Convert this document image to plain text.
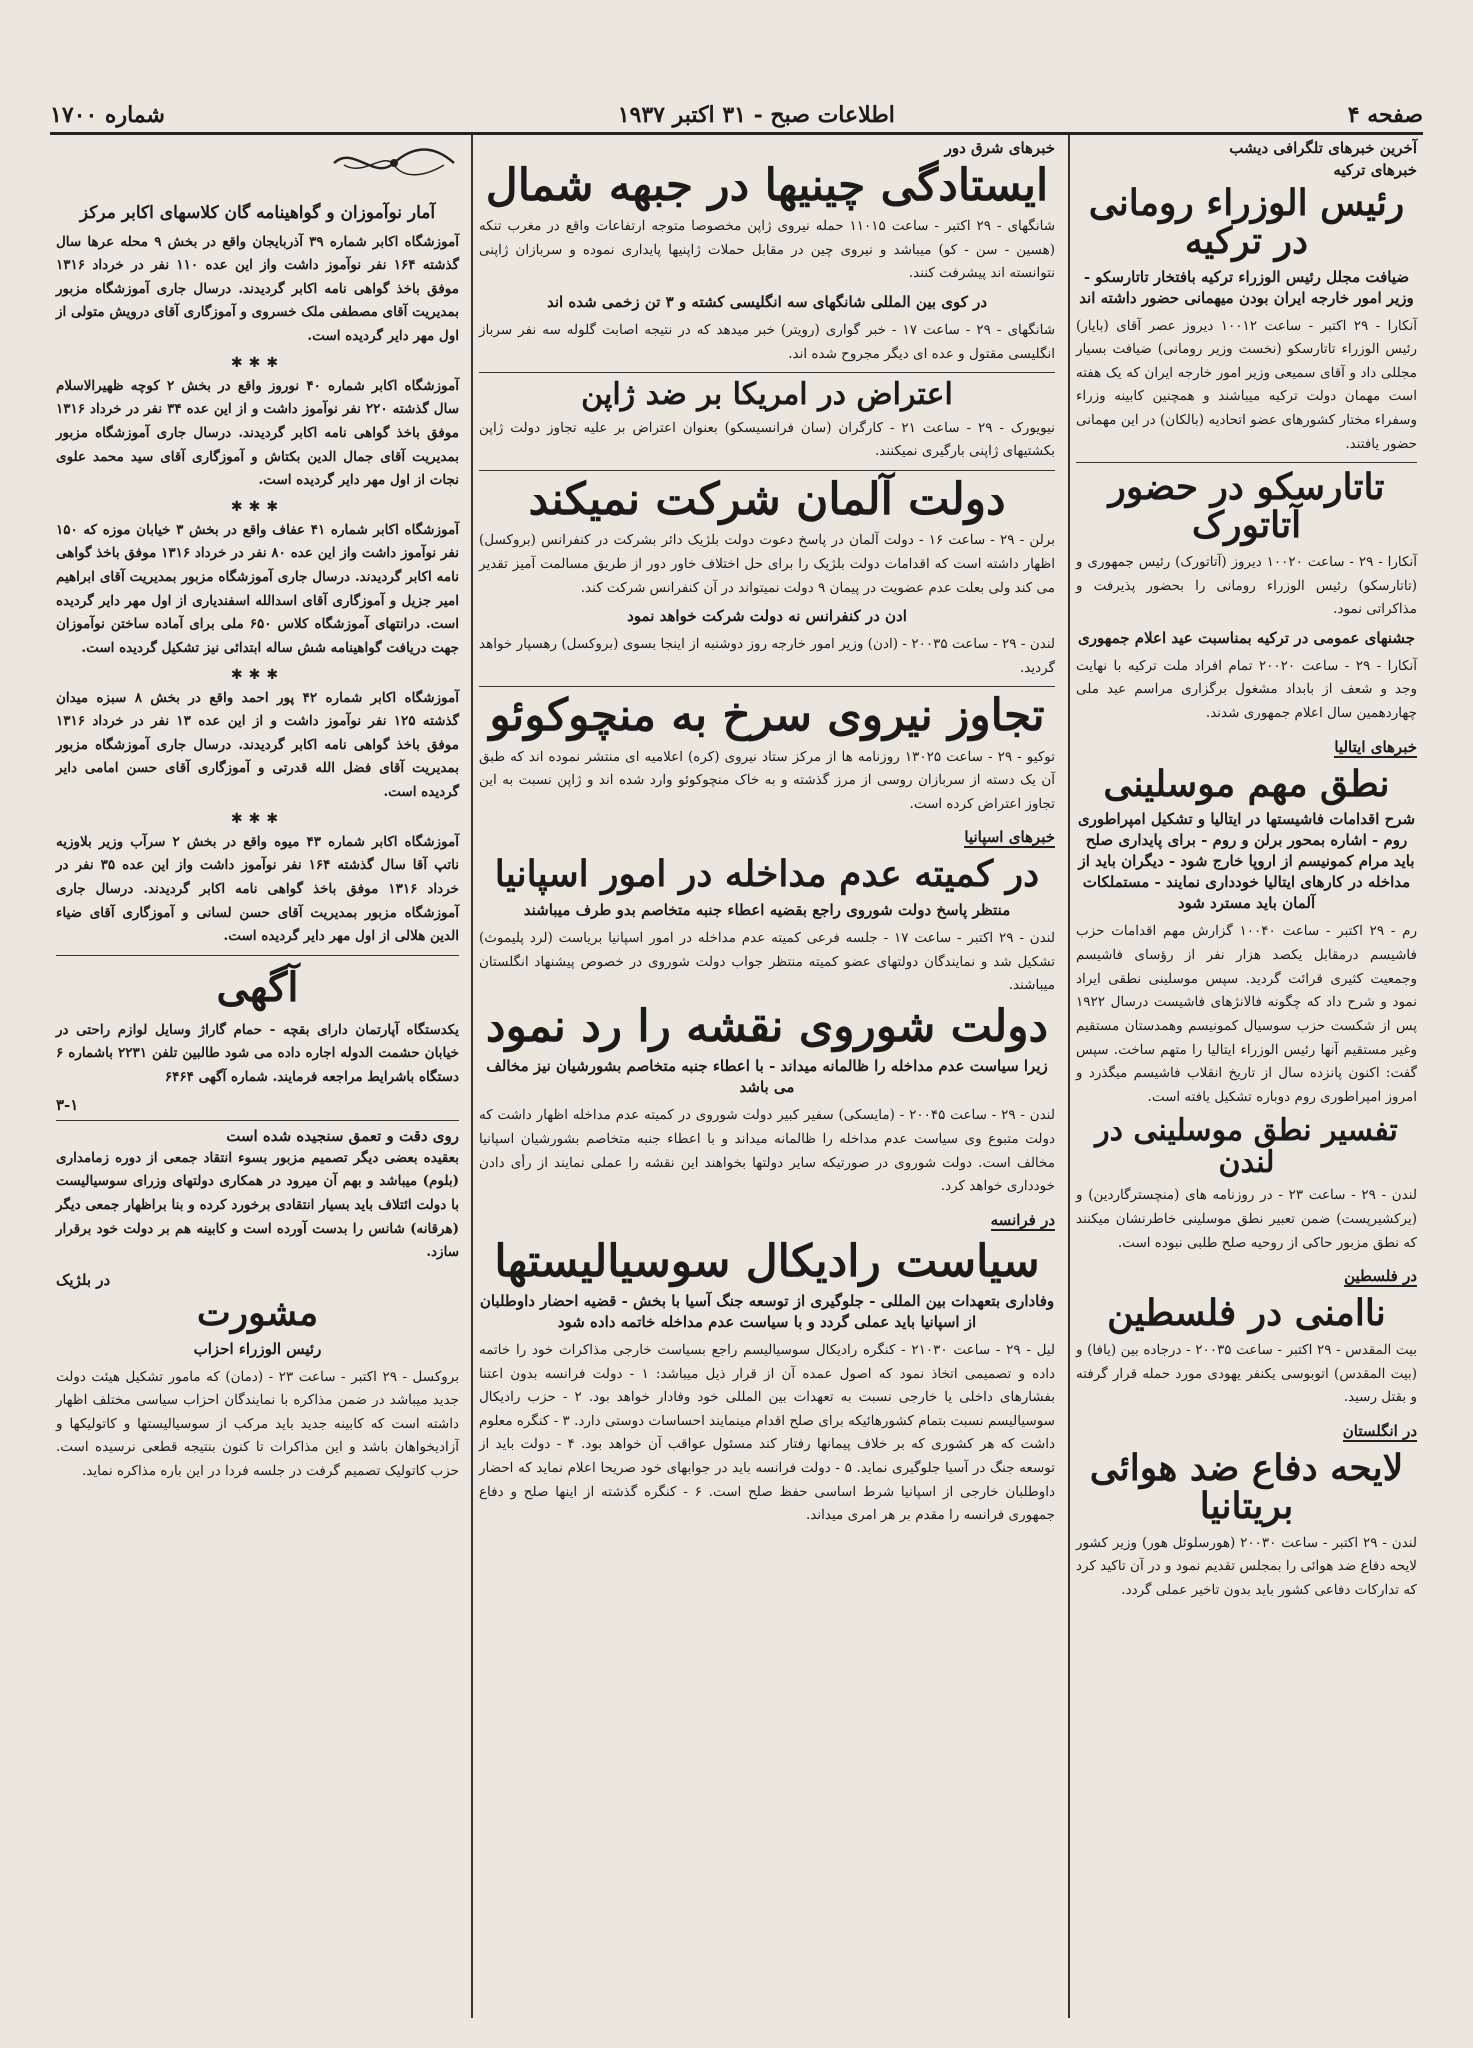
صفحه ۴
اطلاعات صبح - ۳۱ اکتبر ۱۹۳۷
شماره ۱۷۰۰
آخرین خبرهای تلگرافی دیشب
خبرهای ترکیه
رئیس الوزراء رومانی در ترکیه
ضیافت مجلل رئیس الوزراء ترکیه بافتخار تاتارسکو - وزیر امور خارجه ایران بودن میهمانی حضور داشته اند

آنکارا - ۲۹ اکتبر - ساعت ۱۰۰۱۲ دیروز عصر آقای (بایار) رئیس الوزراء تاتارسکو (نخست وزیر رومانی) ضیافت بسیار مجللی داد و آقای سمیعی وزیر امور خارجه ایران که یک هفته است مهمان دولت ترکیه میباشند و همچنین کابینه وزراء وسفراء مختار کشورهای عضو اتحادیه (بالکان) در این مهمانی حضور یافتند.

تاتارسکو در حضور آتاتورک

آنکارا - ۲۹ - ساعت ۱۰۰۲۰ دیروز (آتاتورک) رئیس جمهوری و (تاتارسکو) رئیس الوزراء رومانی را بحضور پذیرفت و مذاکراتی نمود.

جشنهای عمومی در ترکیه بمناسبت عید اعلام جمهوری

آنکارا - ۲۹ - ساعت ۲۰۰۲۰ تمام افراد ملت ترکیه با نهایت وجد و شعف از بابداد مشغول برگزاری مراسم عید ملی چهاردهمین سال اعلام جمهوری شدند.

خبرهای ایتالیا
نطق مهم موسلینی
شرح اقدامات فاشیستها در ایتالیا و تشکیل امپراطوری روم - اشاره بمحور برلن و روم - برای پایداری صلح باید مرام کمونیسم از اروپا خارج شود - دیگران باید از مداخله در کارهای ایتالیا خودداری نمایند - مستملکات آلمان باید مسترد شود

رم - ۲۹ اکتبر - ساعت ۱۰۰۴۰ گزارش مهم اقدامات حزب فاشیسم درمقابل یکصد هزار نفر از رؤسای فاشیسم وجمعیت کثیری قرائت گردید. سپس موسلینی نطقی ایراد نمود و شرح داد که چگونه فالانژهای فاشیست درسال ۱۹۲۲ پس از شکست حزب سوسیال کمونیسم وهمدستان مستقیم وغیر مستقیم آنها رئیس الوزراء ایتالیا را متهم ساخت. سپس گفت: اکنون پانزده سال از تاریخ انقلاب فاشیسم میگذرد و امروز امپراطوری روم دوباره تشکیل یافته است.

تفسیر نطق موسلینی در لندن

لندن - ۲۹ - ساعت ۲۳ - در روزنامه های (منچسترگاردین) و (یرکشیرپست) ضمن تعبیر نطق موسلینی خاطرنشان میکنند که نطق مزبور حاکی از روحیه صلح طلبی نبوده است.

در فلسطین
ناامنی در فلسطین

بیت المقدس - ۲۹ اکتبر - ساعت ۲۰۰۳۵ - درجاده بین (یافا) و (بیت المقدس) اتوبوسی یکنفر یهودی مورد حمله قرار گرفته و بقتل رسید.

در انگلستان
لایحه دفاع ضد هوائی بریتانیا

لندن - ۲۹ اکتبر - ساعت ۲۰۰۳۰ (هورسلوئل هور) وزیر کشور لایحه دفاع ضد هوائی را بمجلس تقدیم نمود و در آن تاکید کرد که تدارکات دفاعی کشور باید بدون تاخیر عملی گردد.

خبرهای شرق دور
ایستادگی چینیها در جبهه شمال

شانگهای - ۲۹ اکتبر - ساعت ۱۱۰۱۵ حمله نیروی ژاپن مخصوصا متوجه ارتفاعات واقع در مغرب تنکه (هسین - سن - کو) میباشد و نیروی چین در مقابل حملات ژاپنیها پایداری نموده و سربازان ژاپنی نتوانسته اند پیشرفت کنند.

در کوی بین المللی شانگهای سه انگلیسی کشته و ۳ تن زخمی شده اند

شانگهای - ۲۹ - ساعت ۱۷ - خبر گواری (رویتر) خبر میدهد که در نتیجه اصابت گلوله سه نفر سرباز انگلیسی مقتول و عده ای دیگر مجروح شده اند.

اعتراض در امریکا بر ضد ژاپن

نیویورک - ۲۹ - ساعت ۲۱ - کارگران (سان فرانسیسکو) بعنوان اعتراض بر علیه تجاوز دولت ژاپن بکشتیهای ژاپنی بارگیری نمیکنند.

دولت آلمان شرکت نمیکند

برلن - ۲۹ - ساعت ۱۶ - دولت آلمان در پاسخ دعوت دولت بلژیک دائر بشرکت در کنفرانس (بروکسل) اظهار داشته است که اقدامات دولت بلژیک را برای حل اختلاف خاور دور از طریق مسالمت آمیز تقدیر می کند ولی بعلت عدم عضویت در پیمان ۹ دولت نمیتواند در آن کنفرانس شرکت کند.

ادن در کنفرانس نه دولت شرکت خواهد نمود

لندن - ۲۹ - ساعت ۲۰۰۳۵ - (ادن) وزیر امور خارجه روز دوشنبه از اینجا بسوی (بروکسل) رهسپار خواهد گردید.

تجاوز نیروی سرخ به منچوکوئو

توکیو - ۲۹ - ساعت ۱۳۰۲۵ روزنامه ها از مرکز ستاد نیروی (کره) اعلامیه ای منتشر نموده اند که طبق آن یک دسته از سربازان روسی از مرز گذشته و به خاک منچوکوئو وارد شده اند و ژاپن نسبت به این تجاوز اعتراض کرده است.

خبرهای اسپانیا
در کمیته عدم مداخله در امور اسپانیا
منتظر پاسخ دولت شوروی راجع بقضیه اعطاء جنبه متخاصم بدو طرف میباشند

لندن - ۲۹ اکتبر - ساعت ۱۷ - جلسه فرعی کمیته عدم مداخله در امور اسپانیا بریاست (لرد پلیموث) تشکیل شد و نمایندگان دولتهای عضو کمیته منتظر جواب دولت شوروی در خصوص پیشنهاد انگلستان میباشند.

دولت شوروی نقشه را رد نمود
زیرا سیاست عدم مداخله را ظالمانه میداند - با اعطاء جنبه متخاصم بشورشیان نیز مخالف می باشد

لندن - ۲۹ - ساعت ۲۰۰۴۵ - (مایسکی) سفیر کبیر دولت شوروی در کمیته عدم مداخله اظهار داشت که دولت متبوع وی سیاست عدم مداخله را ظالمانه میداند و با اعطاء جنبه متخاصم بشورشیان اسپانیا مخالف است. دولت شوروی در صورتیکه سایر دولتها بخواهند این نقشه را عملی نمایند از رأی دادن خودداری خواهد کرد.

در فرانسه
سیاست رادیکال سوسیالیستها
وفاداری بتعهدات بین المللی - جلوگیری از توسعه جنگ آسیا با بخش - قضیه احضار داوطلبان از اسپانیا باید عملی گردد و با سیاست عدم مداخله خاتمه داده شود

لیل - ۲۹ - ساعت ۲۱۰۳۰ - کنگره رادیکال سوسیالیسم راجع بسیاست خارجی مذاکرات خود را خاتمه داده و تصمیمی اتخاذ نمود که اصول عمده آن از قرار ذیل میباشد: ۱ - دولت فرانسه بدون اعتنا بفشارهای داخلی یا خارجی نسبت به تعهدات بین المللی خود وفادار خواهد بود. ۲ - حزب رادیکال سوسیالیسم نسبت بتمام کشورهائیکه برای صلح اقدام مینمایند احساسات دوستی دارد. ۳ - کنگره معلوم داشت که هر کشوری که بر خلاف پیمانها رفتار کند مسئول عواقب آن خواهد بود. ۴ - دولت باید از توسعه جنگ در آسیا جلوگیری نماید. ۵ - دولت فرانسه باید در جوابهای خود صریحا اعلام نماید که احضار داوطلبان خارجی از اسپانیا شرط اساسی حفظ صلح است. ۶ - کنگره گذشته از اینها صلح و دفاع جمهوری فرانسه را مقدم بر هر امری میداند.

آمار نوآموزان و گواهینامه گان کلاسهای اکابر مرکز

آموزشگاه اکابر شماره ۳۹ آذربایجان واقع در بخش ۹ محله عرها سال گذشته ۱۶۴ نفر نوآموز داشت واز این عده ۱۱۰ نفر در خرداد ۱۳۱۶ موفق باخذ گواهی نامه اکابر گردیدند. درسال جاری آموزشگاه مزبور بمدیریت آقای مصطفی ملک خسروی و آموزگاری آقای درویش متولی از اول مهر دایر گردیده است.

✱✱✱

آموزشگاه اکابر شماره ۴۰ نوروز واقع در بخش ۲ کوچه ظهیرالاسلام سال گذشته ۲۲۰ نفر نوآموز داشت و از این عده ۳۴ نفر در خرداد ۱۳۱۶ موفق باخذ گواهی نامه اکابر گردیدند. درسال جاری آموزشگاه مزبور بمدیریت آقای جمال الدین بکتاش و آموزگاری آقای سید محمد علوی نجات از اول مهر دایر گردیده است.

✱✱✱

آموزشگاه اکابر شماره ۴۱ عفاف واقع در بخش ۳ خیابان موزه که ۱۵۰ نفر نوآموز داشت واز این عده ۸۰ نفر در خرداد ۱۳۱۶ موفق باخذ گواهی نامه اکابر گردیدند. درسال جاری آموزشگاه مزبور بمدیریت آقای ابراهیم امیر جزیل و آموزگاری آقای اسدالله اسفندیاری از اول مهر دایر گردیده است. درانتهای آموزشگاه کلاس ۶۵۰ ملی برای آماده ساختن نوآموزان جهت دریافت گواهینامه شش ساله ابتدائی نیز تشکیل گردیده است.

✱✱✱

آموزشگاه اکابر شماره ۴۲ پور احمد واقع در بخش ۸ سبزه میدان گذشته ۱۲۵ نفر نوآموز داشت و از این عده ۱۳ نفر در خرداد ۱۳۱۶ موفق باخذ گواهی نامه اکابر گردیدند. درسال جاری آموزشگاه مزبور بمدیریت آقای فضل الله قدرتی و آموزگاری آقای حسن امامی دایر گردیده است.

✱✱✱

آموزشگاه اکابر شماره ۴۳ میوه واقع در بخش ۲ سرآب وزیر بلاوزیه ناتپ آقا سال گذشته ۱۶۴ نفر نوآموز داشت واز این عده ۳۵ نفر در خرداد ۱۳۱۶ موفق باخذ گواهی نامه اکابر گردیدند. درسال جاری آموزشگاه مزبور بمدیریت آقای حسن لسانی و آموزگاری آقای ضیاء الدین هلالی از اول مهر دایر گردیده است.

آگهی

یکدستگاه آپارتمان دارای بقچه - حمام گاراژ وسایل لوازم راحتی در خیابان حشمت الدوله اجاره داده می شود طالبین تلفن ۲۲۳۱ باشماره ۶ دستگاه باشرایط مراجعه فرمایند. شماره آگهی ۶۴۶۴

۳-۱
روی دقت و تعمق سنجیده شده است

بعقیده بعضی دیگر تصمیم مزبور بسوء انتقاد جمعی از دوره زمامداری (بلوم) میباشد و بهم آن میرود در همکاری دولتهای وزرای سوسیالیست با دولت ائتلاف باید بسیار انتقادی برخورد کرده و بنا براظهار جمعی دیگر (هرقانه) شانس را بدست آورده است و کابینه هم بر دولت خود برقرار سازد.

در بلژیک
مشورت
رئیس الوزراء احزاب

بروکسل - ۲۹ اکتبر - ساعت ۲۳ - (دمان) که مامور تشکیل هیئت دولت جدید میباشد در ضمن مذاکره با نمایندگان احزاب سیاسی مختلف اظهار داشته است که کابینه جدید باید مرکب از سوسیالیستها و کاتولیکها و آزادیخواهان باشد و این مذاکرات تا کنون بنتیجه قطعی نرسیده است. حزب کاتولیک تصمیم گرفت در جلسه فردا در این باره مذاکره نماید.
